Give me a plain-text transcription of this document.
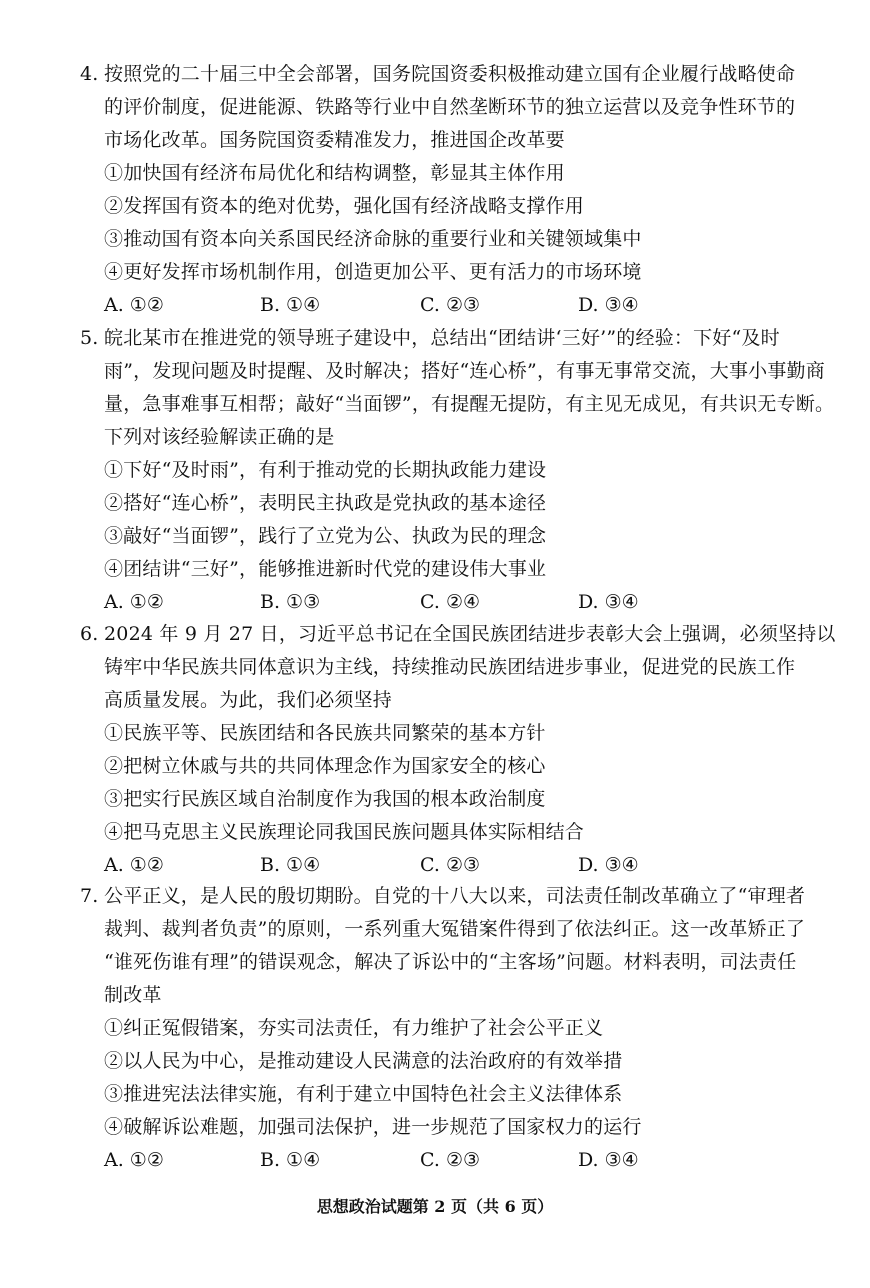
4. 按照党的二十届三中全会部署，国务院国资委积极推动建立国有企业履行战略使命
的评价制度，促进能源、铁路等行业中自然垄断环节的独立运营以及竞争性环节的
市场化改革。国务院国资委精准发力，推进国企改革要
①加快国有经济布局优化和结构调整，彰显其主体作用
②发挥国有资本的绝对优势，强化国有经济战略支撑作用
③推动国有资本向关系国民经济命脉的重要行业和关键领域集中
④更好发挥市场机制作用，创造更加公平、更有活力的市场环境
A. ①②	B. ①④	C. ②③	D. ③④
5. 皖北某市在推进党的领导班子建设中，总结出“团结讲‘三好’”的经验：下好“及时
雨”，发现问题及时提醒、及时解决；搭好“连心桥”，有事无事常交流，大事小事勤商
量，急事难事互相帮；敲好“当面锣”，有提醒无提防，有主见无成见，有共识无专断。
下列对该经验解读正确的是
①下好“及时雨”，有利于推动党的长期执政能力建设
②搭好“连心桥”，表明民主执政是党执政的基本途径
③敲好“当面锣”，践行了立党为公、执政为民的理念
④团结讲“三好”，能够推进新时代党的建设伟大事业
A. ①②	B. ①③	C. ②④	D. ③④
6. 2024 年 9 月 27 日，习近平总书记在全国民族团结进步表彰大会上强调，必须坚持以
铸牢中华民族共同体意识为主线，持续推动民族团结进步事业，促进党的民族工作
高质量发展。为此，我们必须坚持
①民族平等、民族团结和各民族共同繁荣的基本方针
②把树立休戚与共的共同体理念作为国家安全的核心
③把实行民族区域自治制度作为我国的根本政治制度
④把马克思主义民族理论同我国民族问题具体实际相结合
A. ①②	B. ①④	C. ②③	D. ③④
7. 公平正义，是人民的殷切期盼。自党的十八大以来，司法责任制改革确立了“审理者
裁判、裁判者负责”的原则，一系列重大冤错案件得到了依法纠正。这一改革矫正了
“谁死伤谁有理”的错误观念，解决了诉讼中的“主客场”问题。材料表明，司法责任
制改革
①纠正冤假错案，夯实司法责任，有力维护了社会公平正义
②以人民为中心，是推动建设人民满意的法治政府的有效举措
③推进宪法法律实施，有利于建立中国特色社会主义法律体系
④破解诉讼难题，加强司法保护，进一步规范了国家权力的运行
A. ①②	B. ①④	C. ②③	D. ③④
思想政治试题第 2 页（共 6 页）
